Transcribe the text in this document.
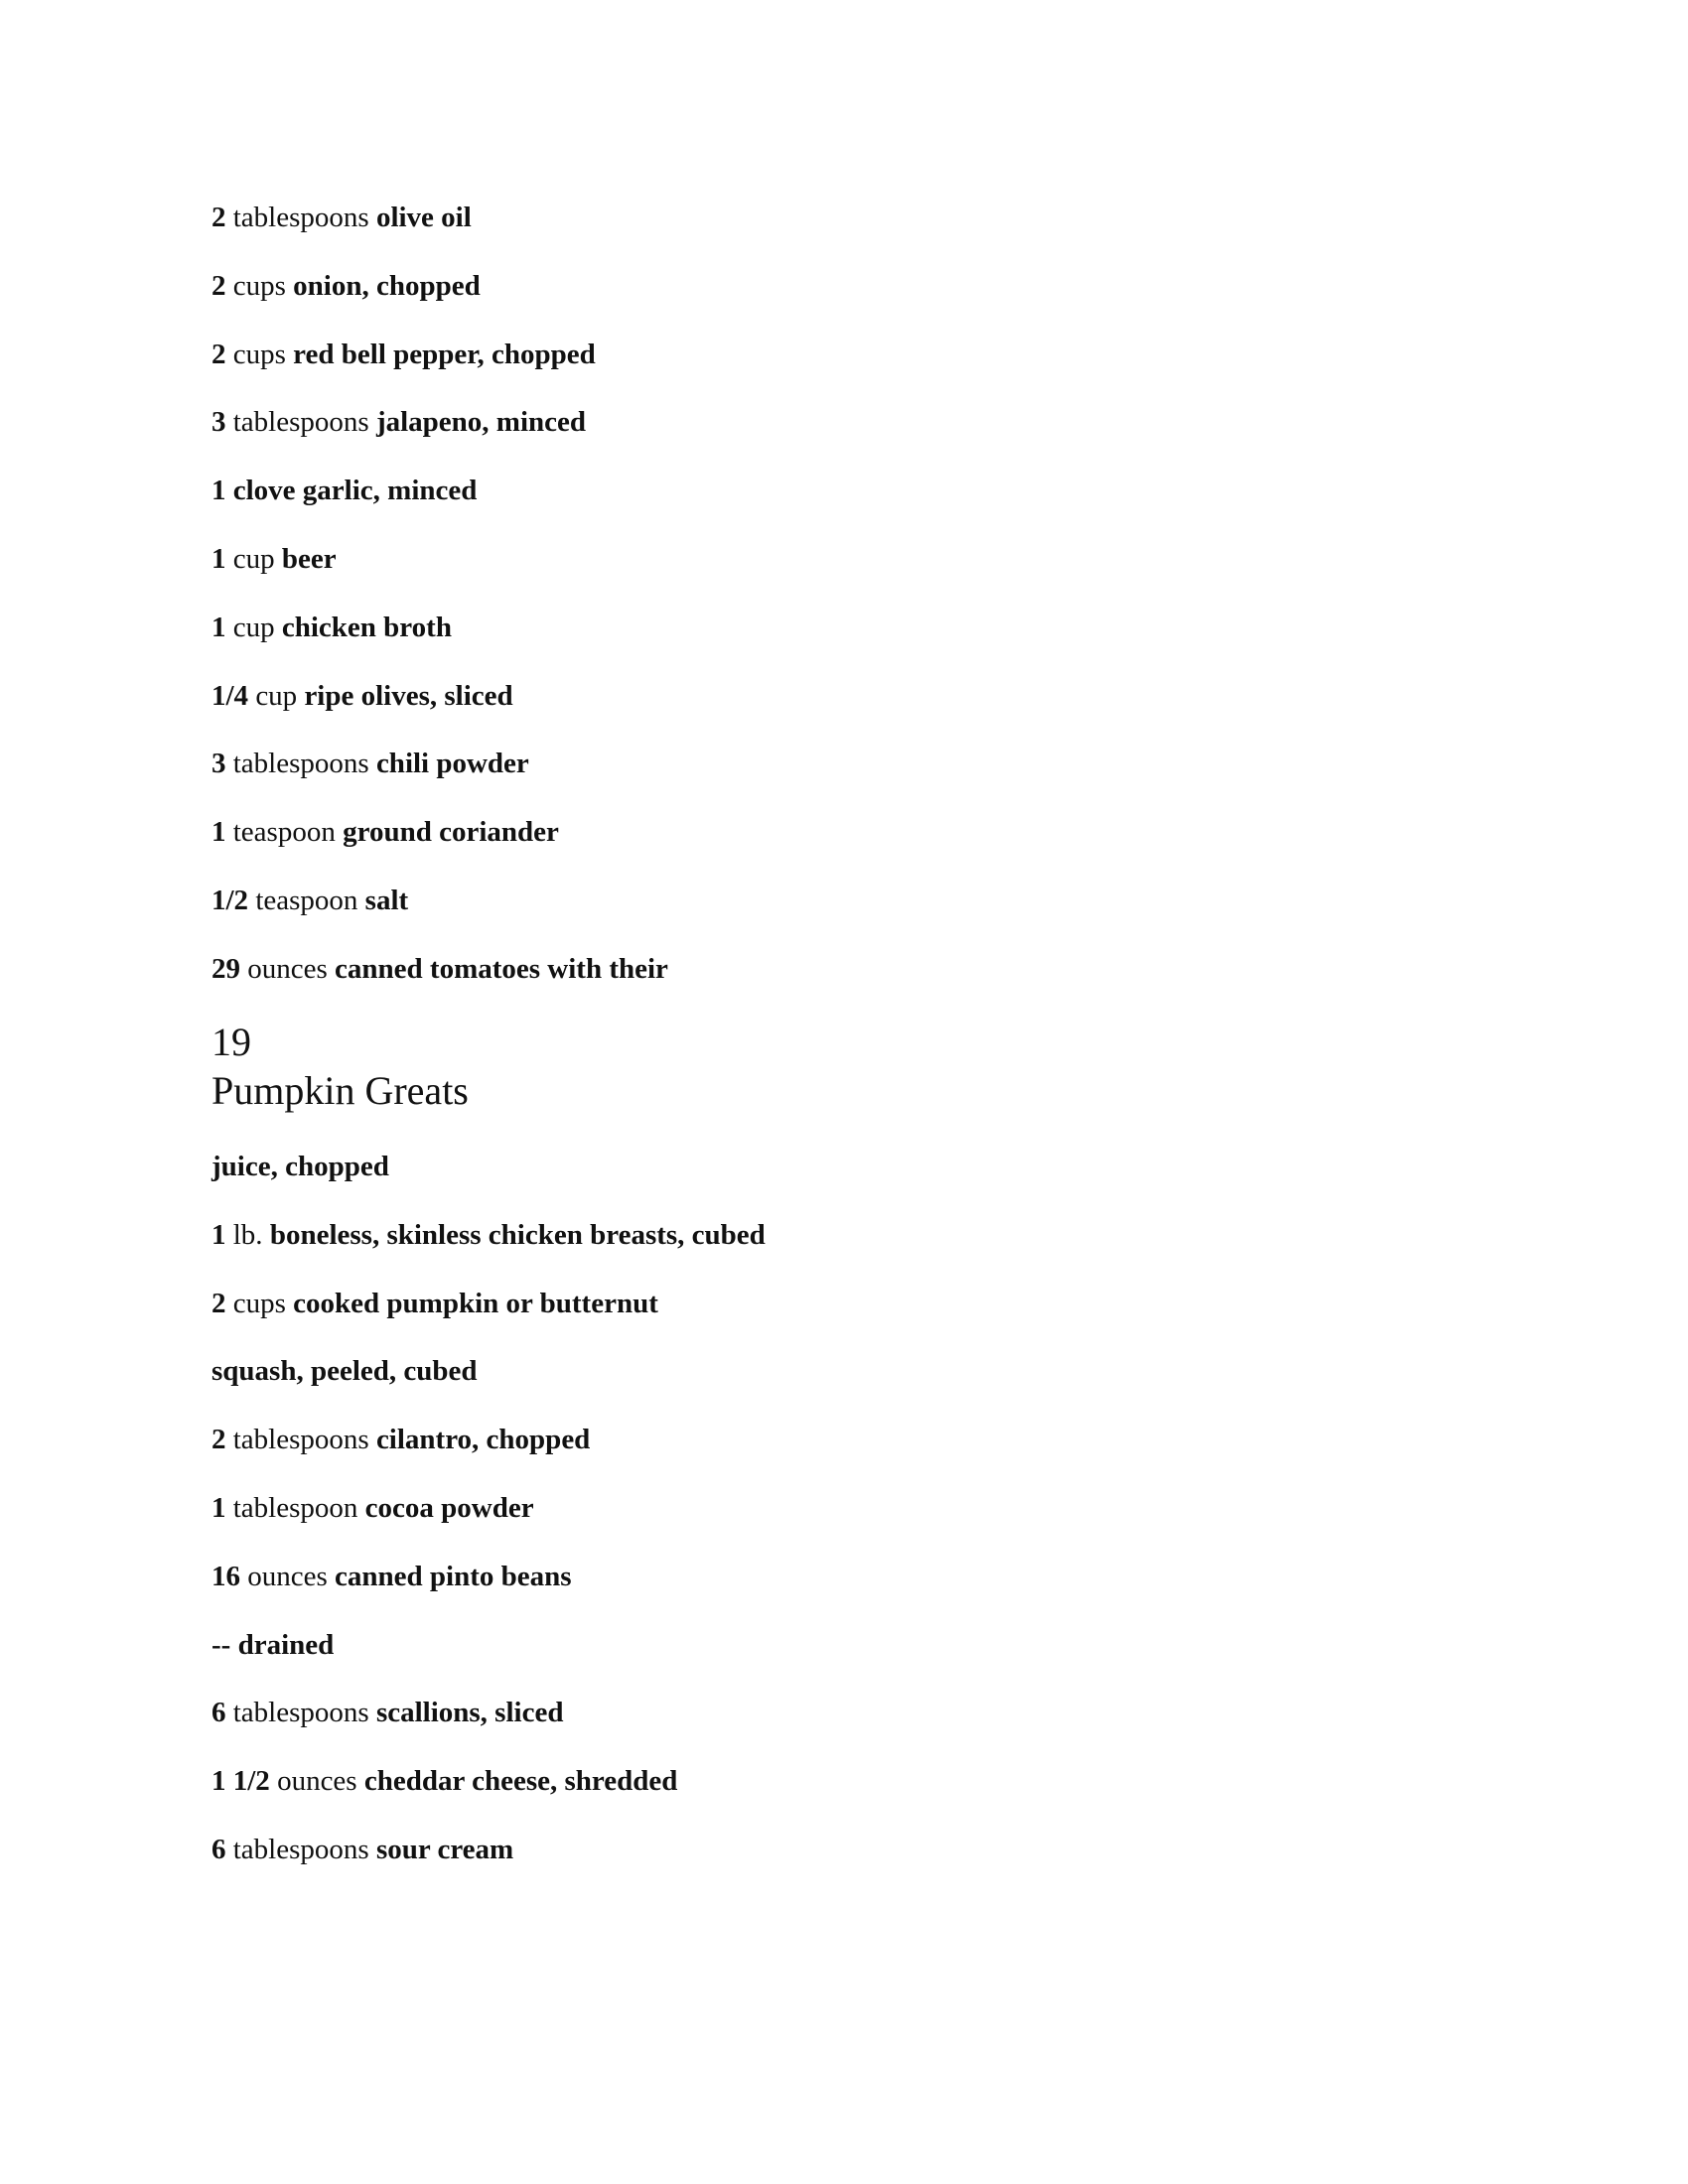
2 tablespoons olive oil
2 cups onion, chopped
2 cups red bell pepper, chopped
3 tablespoons jalapeno, minced
1 clove garlic, minced
1 cup beer
1 cup chicken broth
1/4 cup ripe olives, sliced
3 tablespoons chili powder
1 teaspoon ground coriander
1/2 teaspoon salt
29 ounces canned tomatoes with their
19
Pumpkin Greats
juice, chopped
1 lb. boneless, skinless chicken breasts, cubed
2 cups cooked pumpkin or butternut
squash, peeled, cubed
2 tablespoons cilantro, chopped
1 tablespoon cocoa powder
16 ounces canned pinto beans
-- drained
6 tablespoons scallions, sliced
1 1/2 ounces cheddar cheese, shredded
6 tablespoons sour cream
